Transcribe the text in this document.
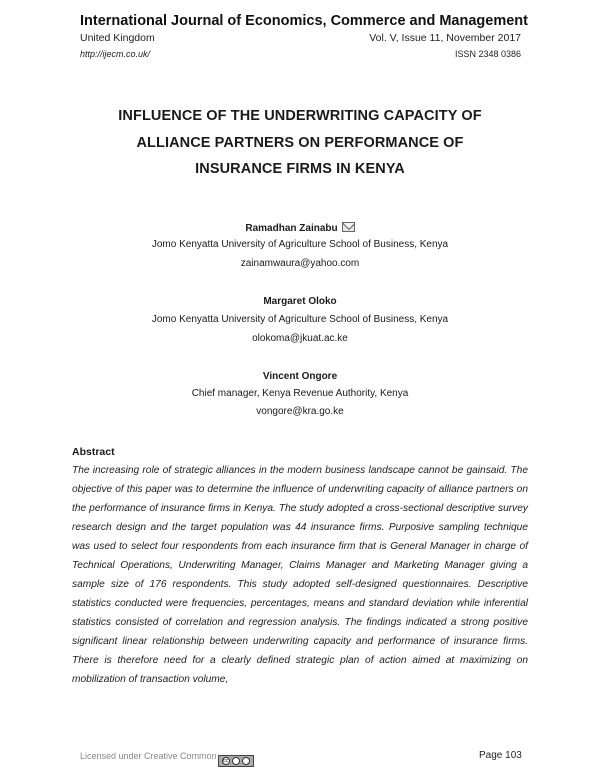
International Journal of Economics, Commerce and Management
United Kingdom	Vol. V, Issue 11, November 2017
http://ijecm.co.uk/	ISSN 2348 0386
INFLUENCE OF THE UNDERWRITING CAPACITY OF
ALLIANCE PARTNERS ON PERFORMANCE OF
INSURANCE FIRMS IN KENYA
Ramadhan Zainabu
Jomo Kenyatta University of Agriculture School of Business, Kenya
zainamwaura@yahoo.com
Margaret Oloko
Jomo Kenyatta University of Agriculture School of Business, Kenya
olokoma@jkuat.ac.ke
Vincent Ongore
Chief manager, Kenya Revenue Authority, Kenya
vongore@kra.go.ke
Abstract
The increasing role of strategic alliances in the modern business landscape cannot be gainsaid. The objective of this paper was to determine the influence of underwriting capacity of alliance partners on the performance of insurance firms in Kenya. The study adopted a cross-sectional descriptive survey research design and the target population was 44 insurance firms. Purposive sampling technique was used to select four respondents from each insurance firm that is General Manager in charge of Technical Operations, Underwriting Manager, Claims Manager and Marketing Manager giving a sample size of 176 respondents. This study adopted self-designed questionnaires. Descriptive statistics conducted were frequencies, percentages, means and standard deviation while inferential statistics consisted of correlation and regression analysis. The findings indicated a strong positive significant linear relationship between underwriting capacity and performance of insurance firms. There is therefore need for a clearly defined strategic plan of action aimed at maximizing on mobilization of transaction volume,
Licensed under Creative Common	cc	Page 103
